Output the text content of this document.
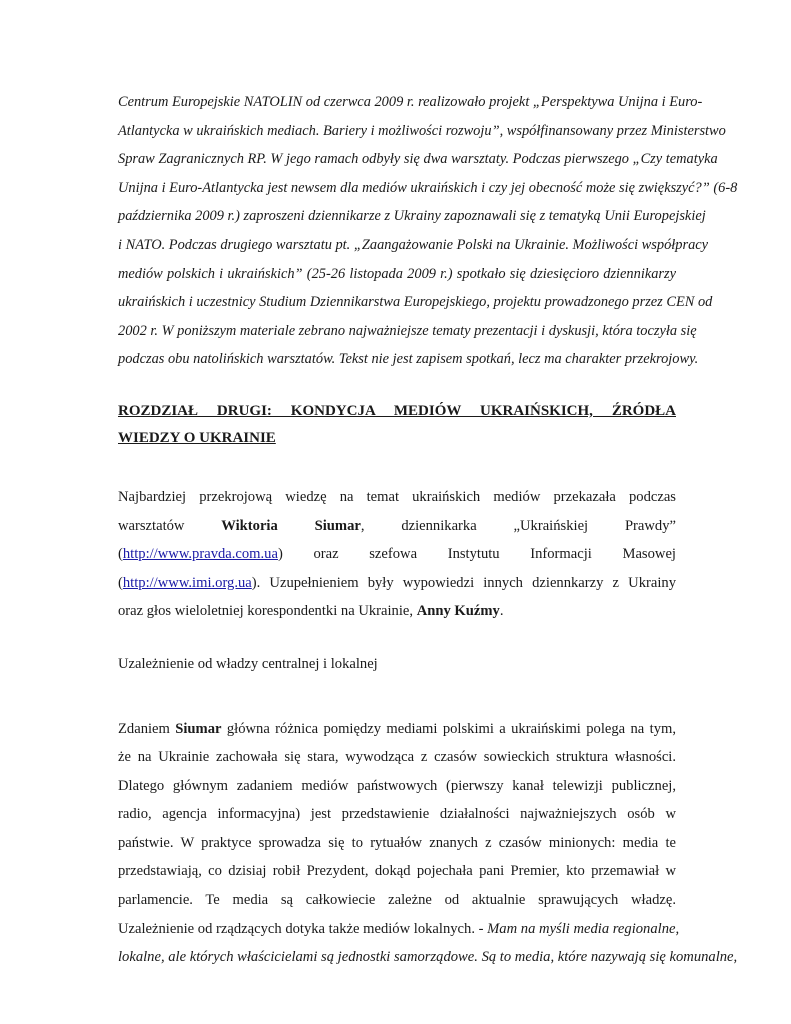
Centrum Europejskie NATOLIN od czerwca 2009 r. realizowało projekt „Perspektywa Unijna i Euro-
Atlantycka w ukraińskich mediach. Bariery i możliwości rozwoju”, współfinansowany przez Ministerstwo
Spraw Zagranicznych RP. W jego ramach odbyły się dwa warsztaty. Podczas pierwszego „Czy tematyka
Unijna i Euro-Atlantycka jest newsem dla mediów ukraińskich i czy jej obecność może się zwiększyć?” (6-8
października 2009 r.) zaproszeni dziennikarze z Ukrainy zapoznawali się z tematyką Unii Europejskiej
i NATO. Podczas drugiego warsztatu pt. „Zaangażowanie Polski na Ukrainie. Możliwości współpracy
mediów polskich i ukraińskich” (25-26 listopada 2009 r.) spotkało się dziesięcioro dziennikarzy
ukraińskich i uczestnicy Studium Dziennikarstwa Europejskiego, projektu prowadzonego przez CEN od
2002 r. W poniższym materiale zebrano najważniejsze tematy prezentacji i dyskusji, która toczyła się
podczas obu natolińskich warsztatów. Tekst nie jest zapisem spotkań, lecz ma charakter przekrojowy.
ROZDZIAŁ DRUGI: KONDYCJA MEDIÓW UKRAIŃSKICH, ŹRÓDŁA
WIEDZY O UKRAINIE
Najbardziej przekrojową wiedzę na temat ukraińskich mediów przekazała podczas
warsztatów	Wiktoria	Siumar,	dziennikarka	„Ukraińskiej	Prawdy”
(http://www.pravda.com.ua) oraz szefowa Instytutu Informacji Masowej
(http://www.imi.org.ua). Uzupełnieniem były wypowiedzi innych dziennkarzy z Ukrainy
oraz głos wieloletniej korespondentki na Ukrainie, Anny Kuźmy.
Uzależnienie od władzy centralnej i lokalnej
Zdaniem Siumar główna różnica pomiędzy mediami polskimi a ukraińskimi polega na tym,
że na Ukrainie zachowała się stara, wywodząca z czasów sowieckich struktura własności.
Dlatego głównym zadaniem mediów państwowych (pierwszy kanał telewizji publicznej,
radio, agencja informacyjna) jest przedstawienie działalności najważniejszych osób w
państwie. W praktyce sprowadza się to rytuałów znanych z czasów minionych: media te
przedstawiają, co dzisiaj robił Prezydent, dokąd pojechała pani Premier, kto przemawiał w
parlamencie. Te media są całkowiecie zależne od aktualnie sprawujących władzę.
Uzależnienie od rządzących dotyka także mediów lokalnych. - Mam na myśli media regionalne,
lokalne, ale których właścicielami są jednostki samorządowe. Są to media, które nazywają się komunalne,
